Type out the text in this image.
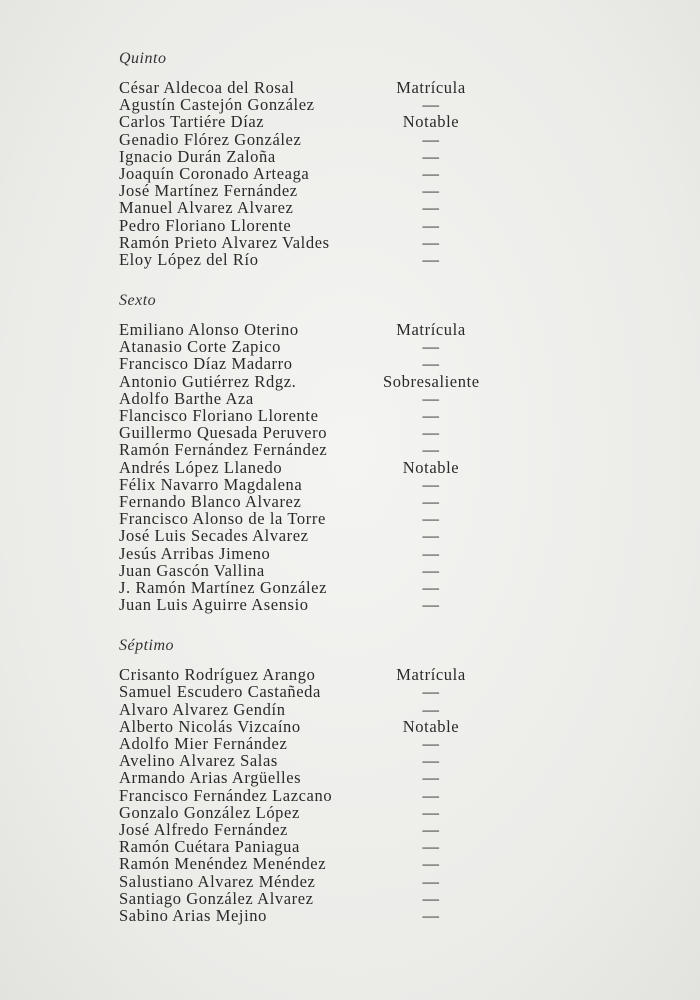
Quinto
César Aldecoa del Rosal	Matrícula
Agustín Castejón González	—
Carlos Tartiére Díaz	Notable
Genadio Flórez González	—
Ignacio Durán Zaloña	—
Joaquín Coronado Arteaga	—
José Martínez Fernández	—
Manuel Alvarez Alvarez	—
Pedro Floriano Llorente	—
Ramón Prieto Alvarez Valdes	—
Eloy López del Río	—
Sexto
Emiliano Alonso Oterino	Matrícula
Atanasio Corte Zapico	—
Francisco Díaz Madarro	—
Antonio Gutiérrez Rdgz.	Sobresaliente
Adolfo Barthe Aza	—
Flancisco Floriano Llorente	—
Guillermo Quesada Peruvero	—
Ramón Fernández Fernández	—
Andrés López Llanedo	Notable
Félix Navarro Magdalena	—
Fernando Blanco Alvarez	—
Francisco Alonso de la Torre	—
José Luis Secades Alvarez	—
Jesús Arribas Jimeno	—
Juan Gascón Vallina	—
J. Ramón Martínez González	—
Juan Luis Aguirre Asensio	—
Séptimo
Crisanto Rodríguez Arango	Matrícula
Samuel Escudero Castañeda	—
Alvaro Alvarez Gendín	—
Alberto Nicolás Vizcaíno	Notable
Adolfo Mier Fernández	—
Avelino Alvarez Salas	—
Armando Arias Argüelles	—
Francisco Fernández Lazcano	—
Gonzalo González López	—
José Alfredo Fernández	—
Ramón Cuétara Paniagua	—
Ramón Menéndez Menéndez	—
Salustiano Alvarez Méndez	—
Santiago González Alvarez	—
Sabino Arias Mejino	—
